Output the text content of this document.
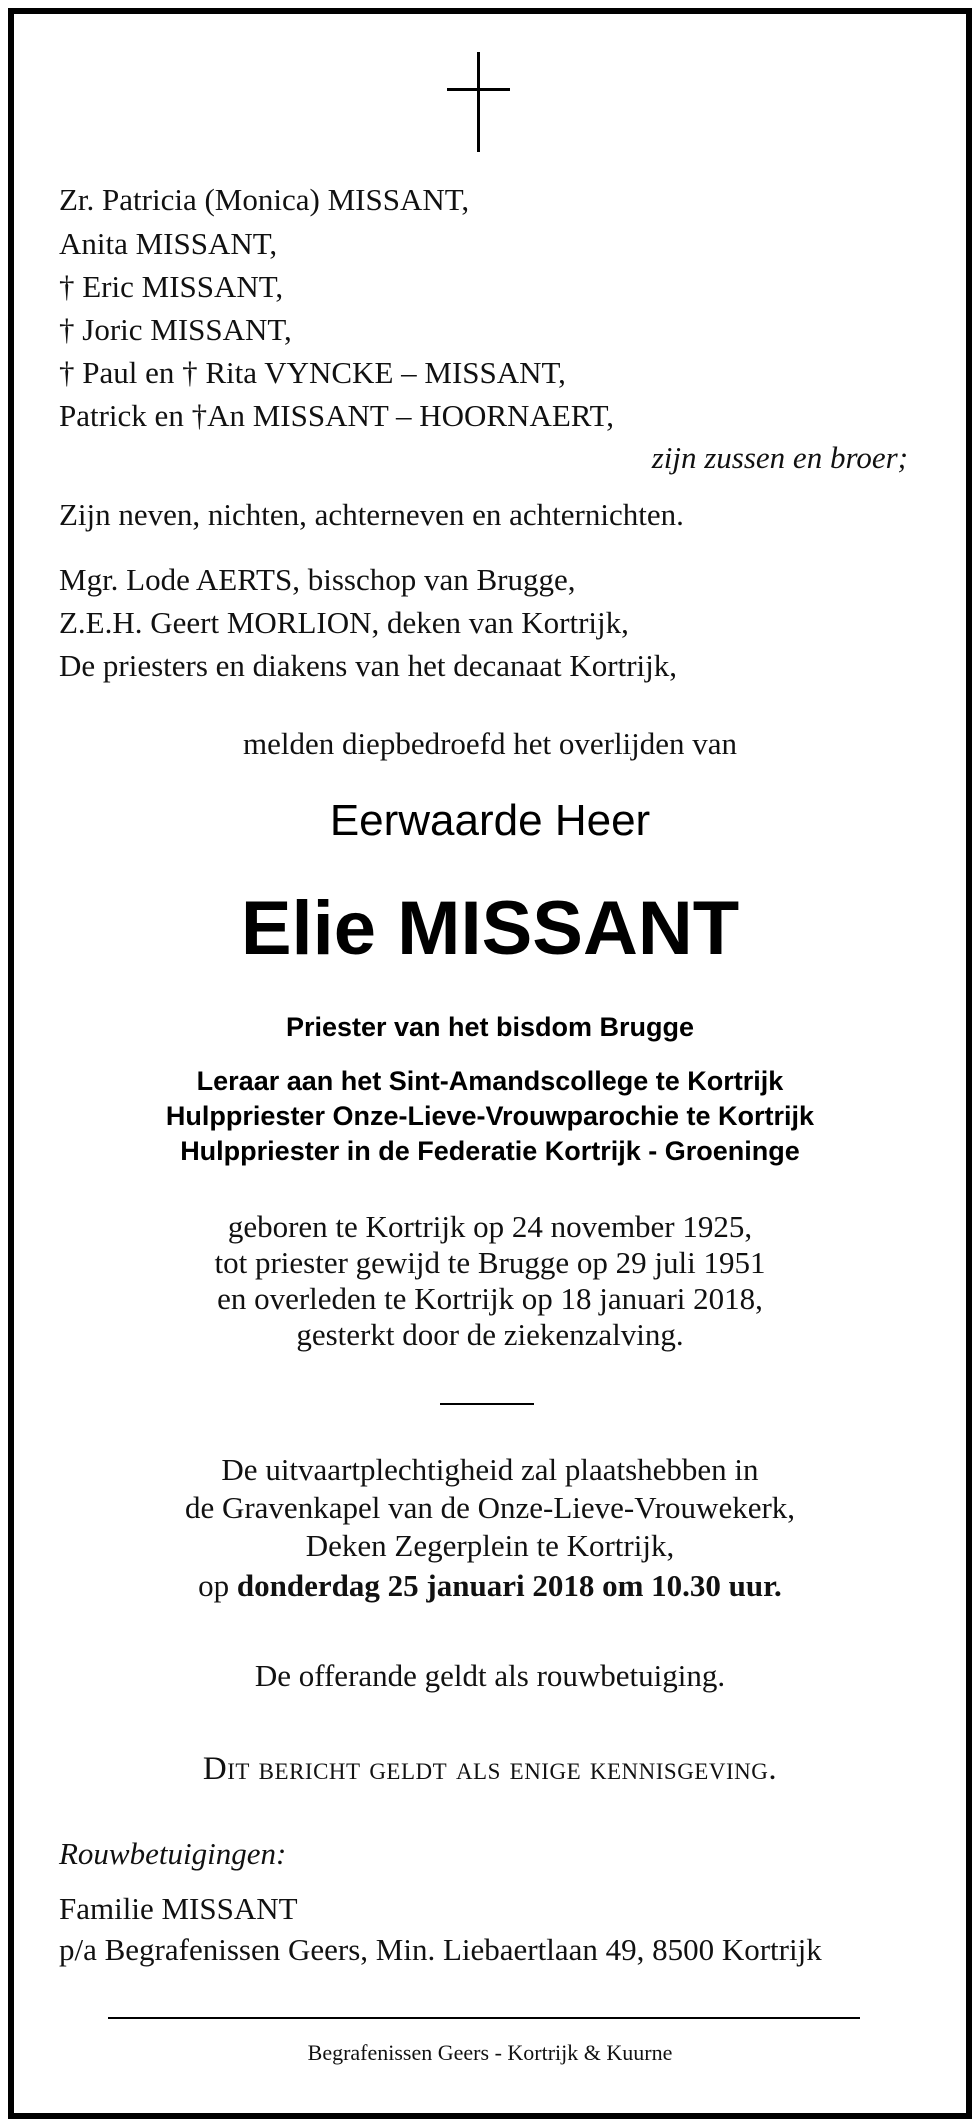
Zr. Patricia (Monica) MISSANT,
Anita MISSANT,
† Eric MISSANT,
† Joric MISSANT,
† Paul en † Rita VYNCKE – MISSANT,
Patrick en †An MISSANT – HOORNAERT,
zijn zussen en broer;
Zijn neven, nichten, achterneven en achternichten.
Mgr. Lode AERTS, bisschop van Brugge,
Z.E.H. Geert MORLION, deken van Kortrijk,
De priesters en diakens van het decanaat Kortrijk,
melden diepbedroefd het overlijden van
Eerwaarde Heer
Elie MISSANT
Priester van het bisdom Brugge
Leraar aan het Sint-Amandscollege te Kortrijk
Hulppriester Onze-Lieve-Vrouwparochie te Kortrijk
Hulppriester in de Federatie Kortrijk - Groeninge
geboren te Kortrijk op 24 november 1925,
tot priester gewijd te Brugge op 29 juli 1951
en overleden te Kortrijk op 18 januari 2018,
gesterkt door de ziekenzalving.
De uitvaartplechtigheid zal plaatshebben in
de Gravenkapel van de Onze-Lieve-Vrouwekerk,
Deken Zegerplein te Kortrijk,
op donderdag 25 januari 2018 om 10.30 uur.
De offerande geldt als rouwbetuiging.
Dit bericht geldt als enige kennisgeving.
Rouwbetuigingen:
Familie MISSANT
p/a Begrafenissen Geers, Min. Liebaertlaan 49, 8500 Kortrijk
Begrafenissen Geers - Kortrijk & Kuurne
